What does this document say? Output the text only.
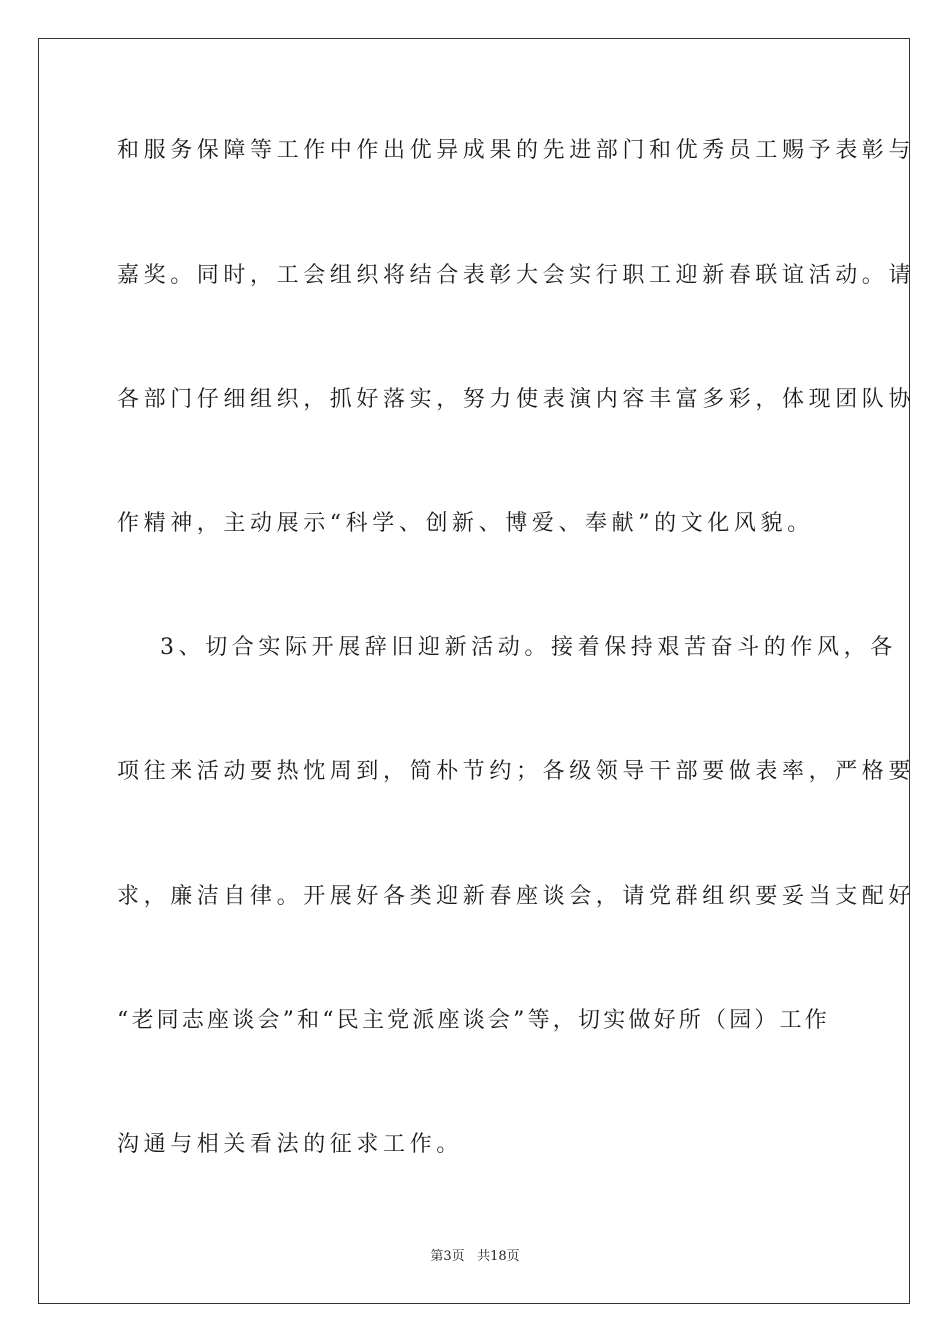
和服务保障等工作中作出优异成果的先进部门和优秀员工赐予表彰与
嘉奖。同时，工会组织将结合表彰大会实行职工迎新春联谊活动。请
各部门仔细组织，抓好落实，努力使表演内容丰富多彩，体现团队协
作精神，主动展示“科学、创新、博爱、奉献”的文化风貌。
3、切合实际开展辞旧迎新活动。接着保持艰苦奋斗的作风，各
项往来活动要热忱周到，简朴节约；各级领导干部要做表率，严格要
求，廉洁自律。开展好各类迎新春座谈会，请党群组织要妥当支配好
“老同志座谈会”和“民主党派座谈会”等，切实做好所（园）工作
沟通与相关看法的征求工作。
第3页 共18页
